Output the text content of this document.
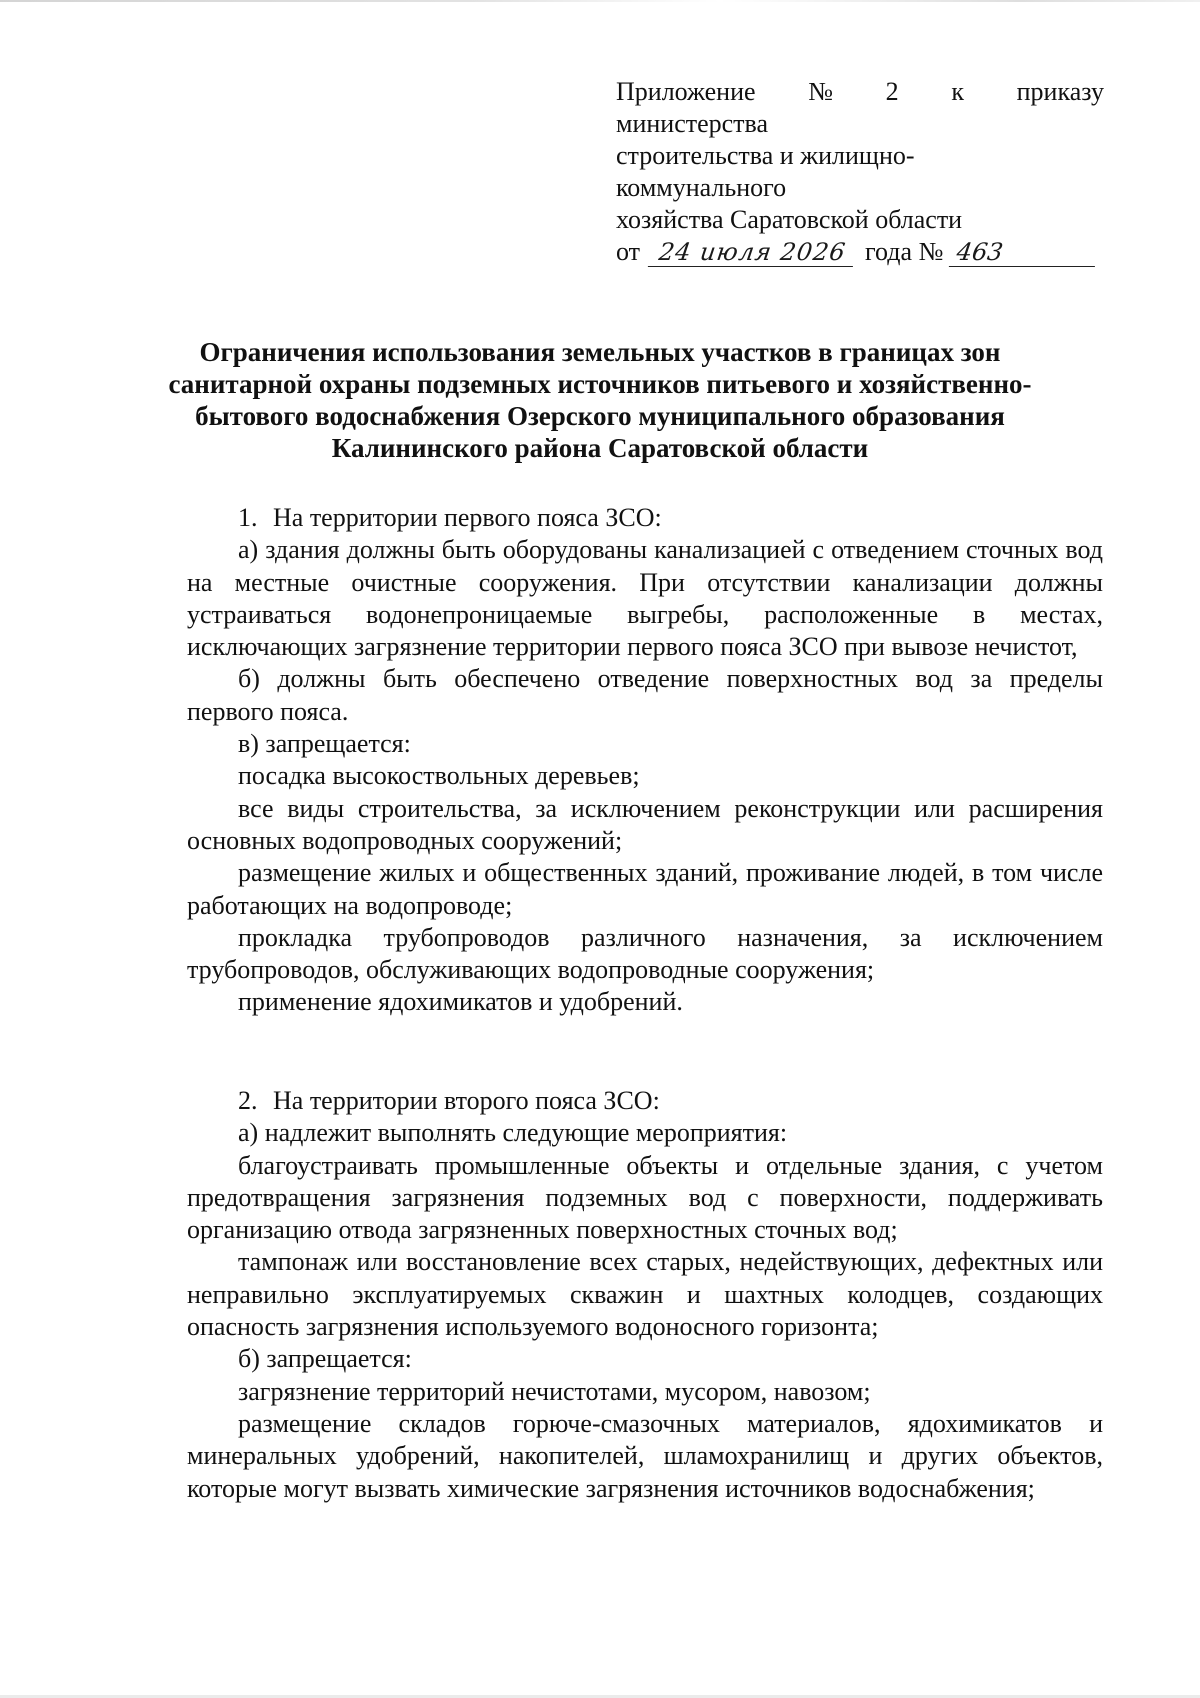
Приложение № 2 к приказу
министерства
строительства и жилищно-
коммунального
хозяйства Саратовской области
от 24 июля 2026 года № 463
Ограничения использования земельных участков в границах зон
санитарной охраны подземных источников питьевого и хозяйственно-
бытового водоснабжения Озерского муниципального образования
Калининского района Саратовской области

1. На территории первого пояса ЗСО:

а) здания должны быть оборудованы канализацией с отведением сточных вод на местные очистные сооружения. При отсутствии канализации должны устраиваться водонепроницаемые выгребы, расположенные в местах, исключающих загрязнение территории первого пояса ЗСО при вывозе нечистот,

б) должны быть обеспечено отведение поверхностных вод за пределы первого пояса.

в) запрещается:

посадка высокоствольных деревьев;

все виды строительства, за исключением реконструкции или расширения основных водопроводных сооружений;

размещение жилых и общественных зданий, проживание людей, в том числе работающих на водопроводе;

прокладка трубопроводов различного назначения, за исключением трубопроводов, обслуживающих водопроводные сооружения;

применение ядохимикатов и удобрений.

2. На территории второго пояса ЗСО:

а) надлежит выполнять следующие мероприятия:

благоустраивать промышленные объекты и отдельные здания, с учетом предотвращения загрязнения подземных вод с поверхности, поддерживать организацию отвода загрязненных поверхностных сточных вод;

тампонаж или восстановление всех старых, недействующих, дефектных или неправильно эксплуатируемых скважин и шахтных колодцев, создающих опасность загрязнения используемого водоносного горизонта;

б) запрещается:

загрязнение территорий нечистотами, мусором, навозом;

размещение складов горюче-смазочных материалов, ядохимикатов и минеральных удобрений, накопителей, шламохранилищ и других объектов, которые могут вызвать химические загрязнения источников водоснабжения;
